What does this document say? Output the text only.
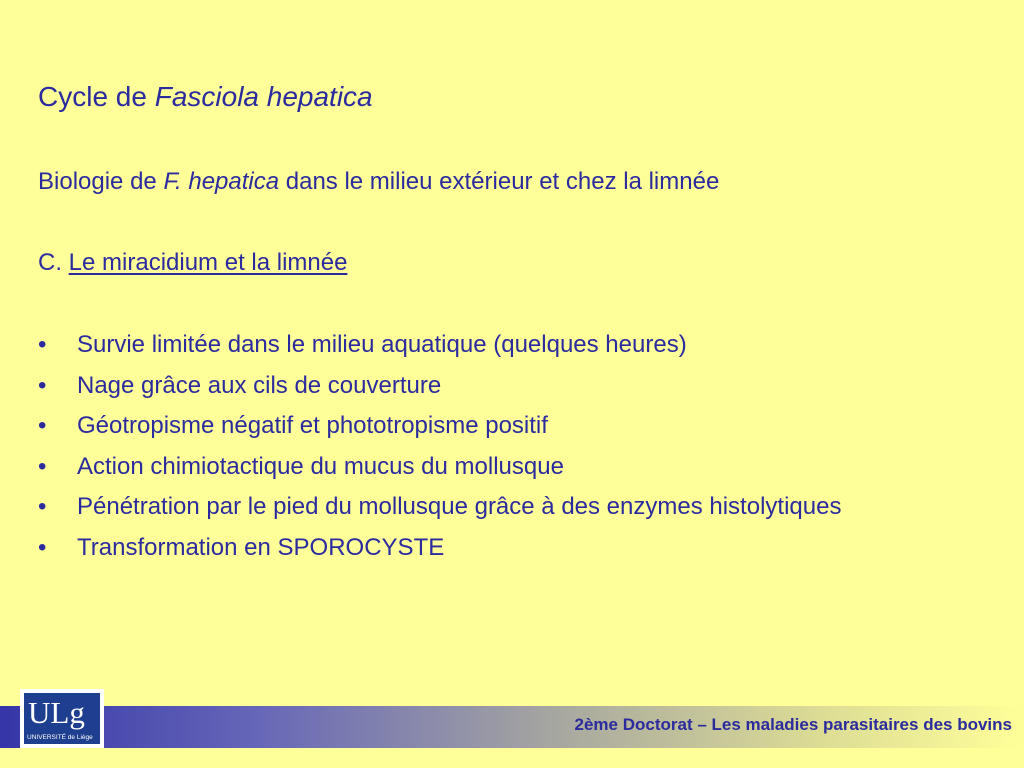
Cycle de Fasciola hepatica

Biologie de F. hepatica dans le milieu extérieur et chez la limnée

C. Le miracidium et la limnée

•	Survie limitée dans le milieu aquatique (quelques heures)
•	Nage grâce aux cils de couverture
•	Géotropisme négatif et phototropisme positif
•	Action chimiotactique du mucus du mollusque
•	Pénétration par le pied du mollusque grâce à des enzymes histolytiques
•	Transformation en SPOROCYSTE
ULg
UNIVERSITÉ de Liège
2ème Doctorat – Les maladies parasitaires des bovins
